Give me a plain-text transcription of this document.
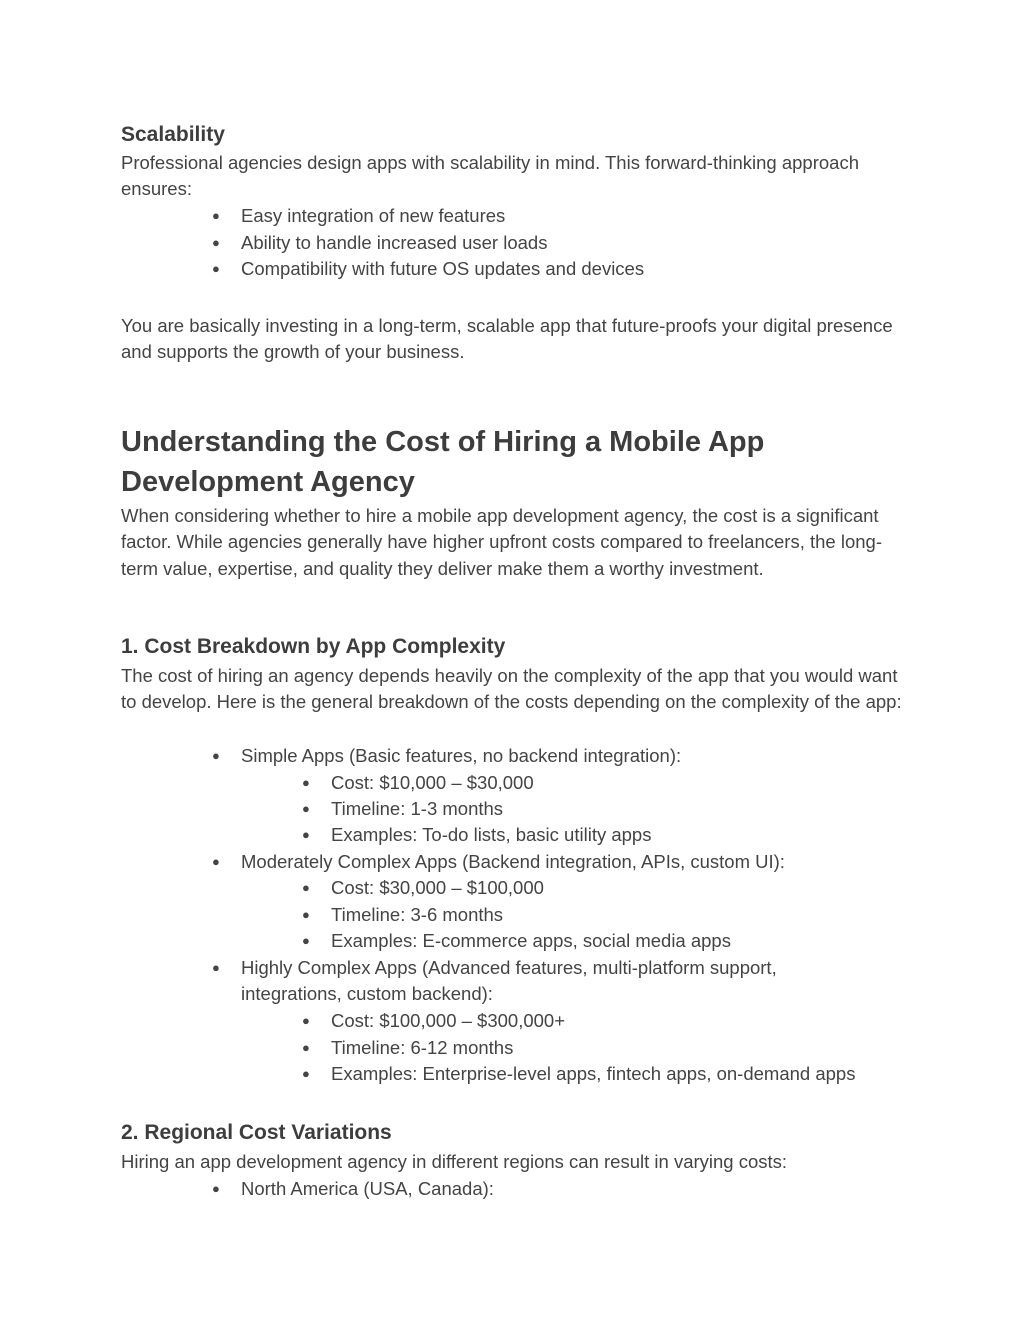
Scalability

Professional agencies design apps with scalability in mind. This forward-thinking approach ensures:

● Easy integration of new features
● Ability to handle increased user loads
● Compatibility with future OS updates and devices

You are basically investing in a long-term, scalable app that future-proofs your digital presence and supports the growth of your business.

Understanding the Cost of Hiring a Mobile App Development Agency

When considering whether to hire a mobile app development agency, the cost is a significant factor. While agencies generally have higher upfront costs compared to freelancers, the long-term value, expertise, and quality they deliver make them a worthy investment.

1. Cost Breakdown by App Complexity

The cost of hiring an agency depends heavily on the complexity of the app that you would want to develop. Here is the general breakdown of the costs depending on the complexity of the app:

● Simple Apps (Basic features, no backend integration):
● Cost: $10,000 – $30,000
● Timeline: 1-3 months
● Examples: To-do lists, basic utility apps
● Moderately Complex Apps (Backend integration, APIs, custom UI):
● Cost: $30,000 – $100,000
● Timeline: 3-6 months
● Examples: E-commerce apps, social media apps
● Highly Complex Apps (Advanced features, multi-platform support, integrations, custom backend):
● Cost: $100,000 – $300,000+
● Timeline: 6-12 months
● Examples: Enterprise-level apps, fintech apps, on-demand apps
2. Regional Cost Variations

Hiring an app development agency in different regions can result in varying costs:

● North America (USA, Canada):
